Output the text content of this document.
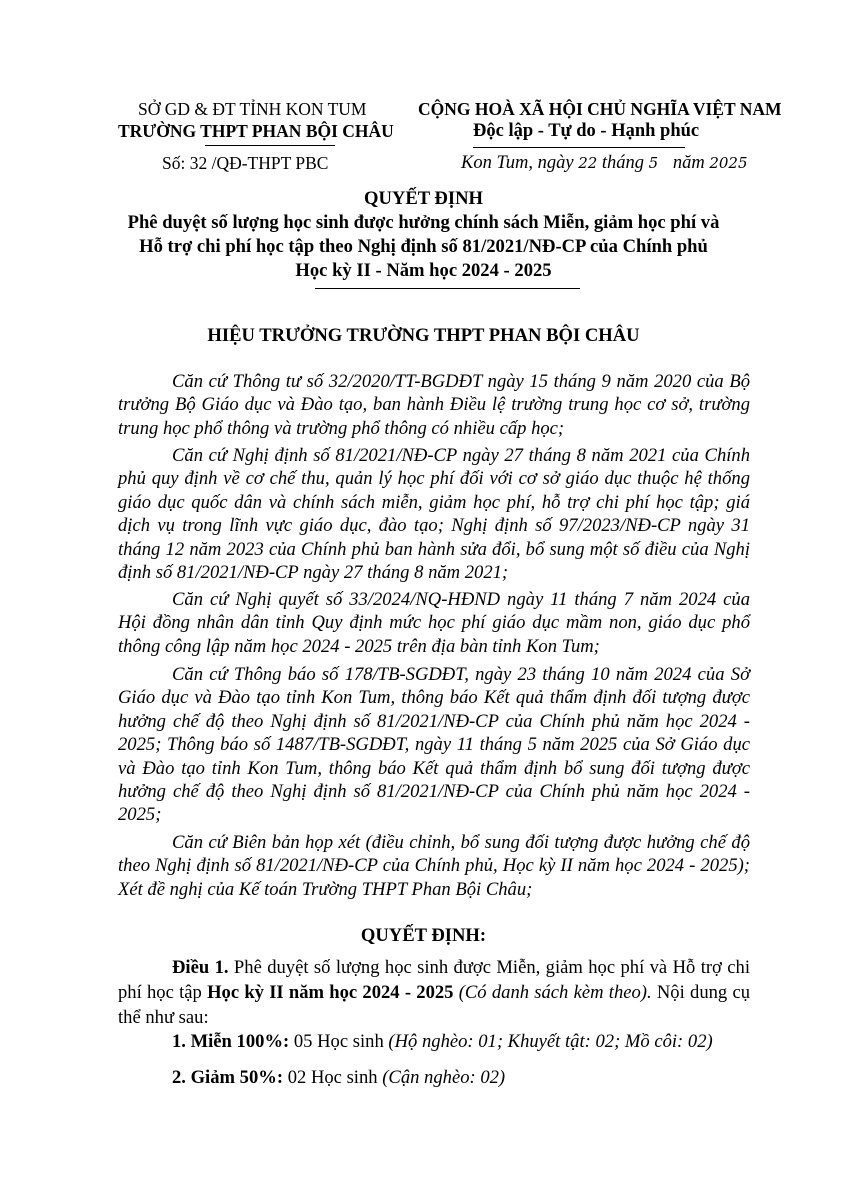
SỞ GD & ĐT TỈNH KON TUM
TRƯỜNG THPT PHAN BỘI CHÂU
Số: 32 /QĐ-THPT PBC
CỘNG HOÀ XÃ HỘI CHỦ NGHĨA VIỆT NAM
Độc lập - Tự do - Hạnh phúc
Kon Tum, ngày 22 tháng 5 năm 2025
QUYẾT ĐỊNH
Phê duyệt số lượng học sinh được hưởng chính sách Miễn, giảm học phí và
Hỗ trợ chi phí học tập theo Nghị định số 81/2021/NĐ-CP của Chính phủ
Học kỳ II - Năm học 2024 - 2025
HIỆU TRƯỞNG TRƯỜNG THPT PHAN BỘI CHÂU
Căn cứ Thông tư số 32/2020/TT-BGDĐT ngày 15 tháng 9 năm 2020 của Bộ trưởng Bộ Giáo dục và Đào tạo, ban hành Điều lệ trường trung học cơ sở, trường trung học phổ thông và trường phổ thông có nhiều cấp học;
Căn cứ Nghị định số 81/2021/NĐ-CP ngày 27 tháng 8 năm 2021 của Chính phủ quy định về cơ chế thu, quản lý học phí đối với cơ sở giáo dục thuộc hệ thống giáo dục quốc dân và chính sách miễn, giảm học phí, hỗ trợ chi phí học tập; giá dịch vụ trong lĩnh vực giáo dục, đào tạo; Nghị định số 97/2023/NĐ-CP ngày 31 tháng 12 năm 2023 của Chính phủ ban hành sửa đổi, bổ sung một số điều của Nghị định số 81/2021/NĐ-CP ngày 27 tháng 8 năm 2021;
Căn cứ Nghị quyết số 33/2024/NQ-HĐND ngày 11 tháng 7 năm 2024 của Hội đồng nhân dân tỉnh Quy định mức học phí giáo dục mầm non, giáo dục phổ thông công lập năm học 2024 - 2025 trên địa bàn tỉnh Kon Tum;
Căn cứ Thông báo số 178/TB-SGDĐT, ngày 23 tháng 10 năm 2024 của Sở Giáo dục và Đào tạo tỉnh Kon Tum, thông báo Kết quả thẩm định đối tượng được hưởng chế độ theo Nghị định số 81/2021/NĐ-CP của Chính phủ năm học 2024 - 2025; Thông báo số 1487/TB-SGDĐT, ngày 11 tháng 5 năm 2025 của Sở Giáo dục và Đào tạo tỉnh Kon Tum, thông báo Kết quả thẩm định bổ sung đối tượng được hưởng chế độ theo Nghị định số 81/2021/NĐ-CP của Chính phủ năm học 2024 - 2025;
Căn cứ Biên bản họp xét (điều chỉnh, bổ sung đối tượng được hưởng chế độ theo Nghị định số 81/2021/NĐ-CP của Chính phủ, Học kỳ II năm học 2024 - 2025); Xét đề nghị của Kế toán Trường THPT Phan Bội Châu;
QUYẾT ĐỊNH:
Điều 1. Phê duyệt số lượng học sinh được Miễn, giảm học phí và Hỗ trợ chi phí học tập Học kỳ II năm học 2024 - 2025 (Có danh sách kèm theo). Nội dung cụ thể như sau:
1. Miễn 100%: 05 Học sinh (Hộ nghèo: 01; Khuyết tật: 02; Mồ côi: 02)
2. Giảm 50%: 02 Học sinh (Cận nghèo: 02)
